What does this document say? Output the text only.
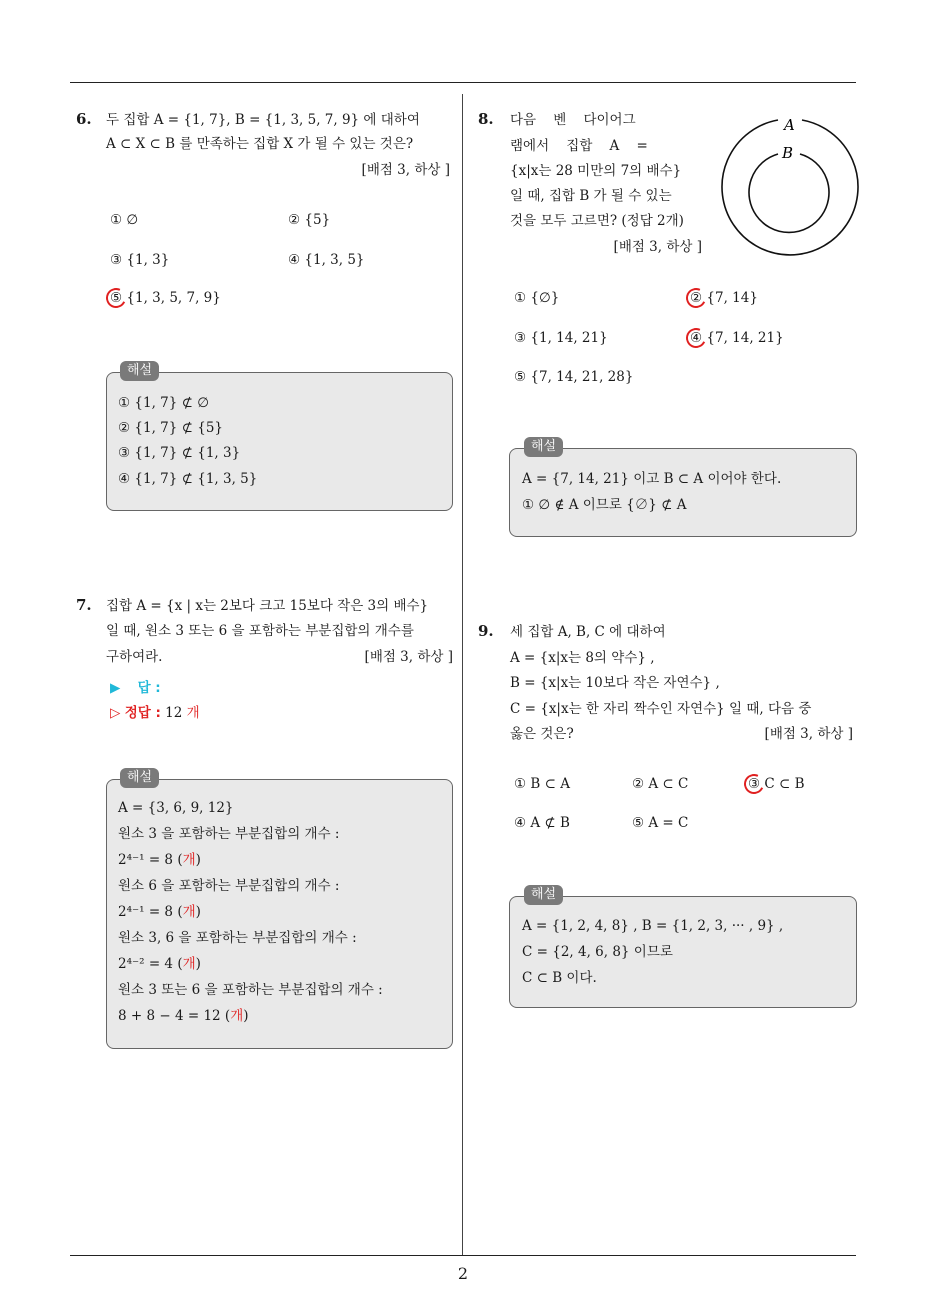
6. 두 집합 A = {1, 7}, B = {1, 3, 5, 7, 9} 에 대하여
A ⊂ X ⊂ B 를 만족하는 집합 X 가 될 수 있는 것은?
[배점 3, 하상 ]
① ∅	② {5}
③ {1, 3}	④ {1, 3, 5}
⑤ {1, 3, 5, 7, 9}
해설
① {1, 7} ⊄ ∅
② {1, 7} ⊄ {5}
③ {1, 7} ⊄ {1, 3}
④ {1, 7} ⊄ {1, 3, 5}
7. 집합 A = {x | x는 2보다 크고 15보다 작은 3의 배수}
일 때, 원소 3 또는 6 을 포함하는 부분집합의 개수를
구하여라.	[배점 3, 하상 ]
▶ 답 :
▷ 정답 : 12 개
해설
A = {3, 6, 9, 12}
원소 3 을 포함하는 부분집합의 개수 :
2⁴⁻¹ = 8 (개)
원소 6 을 포함하는 부분집합의 개수 :
2⁴⁻¹ = 8 (개)
원소 3, 6 을 포함하는 부분집합의 개수 :
2⁴⁻² = 4 (개)
원소 3 또는 6 을 포함하는 부분집합의 개수 :
8 + 8 − 4 = 12 (개)
8. 다음    벤    다이어그
램에서    집합    A    =
{x|x는 28 미만의 7의 배수}
일 때, 집합 B 가 될 수 있는
것을 모두 고르면? (정답 2개)
[배점 3, 하상 ]
A
B
① {∅}	② {7, 14}
③ {1, 14, 21}	④ {7, 14, 21}
⑤ {7, 14, 21, 28}
해설
A = {7, 14, 21} 이고 B ⊂ A 이어야 한다.
① ∅ ∉ A 이므로 {∅} ⊄ A
9. 세 집합 A, B, C 에 대하여
A = {x|x는 8의 약수} ,
B = {x|x는 10보다 작은 자연수} ,
C = {x|x는 한 자리 짝수인 자연수} 일 때, 다음 중
옳은 것은?	[배점 3, 하상 ]
① B ⊂ A	② A ⊂ C	③ C ⊂ B
④ A ⊄ B	⑤ A = C
해설
A = {1, 2, 4, 8} , B = {1, 2, 3, ··· , 9} ,
C = {2, 4, 6, 8} 이므로
C ⊂ B 이다.
2
